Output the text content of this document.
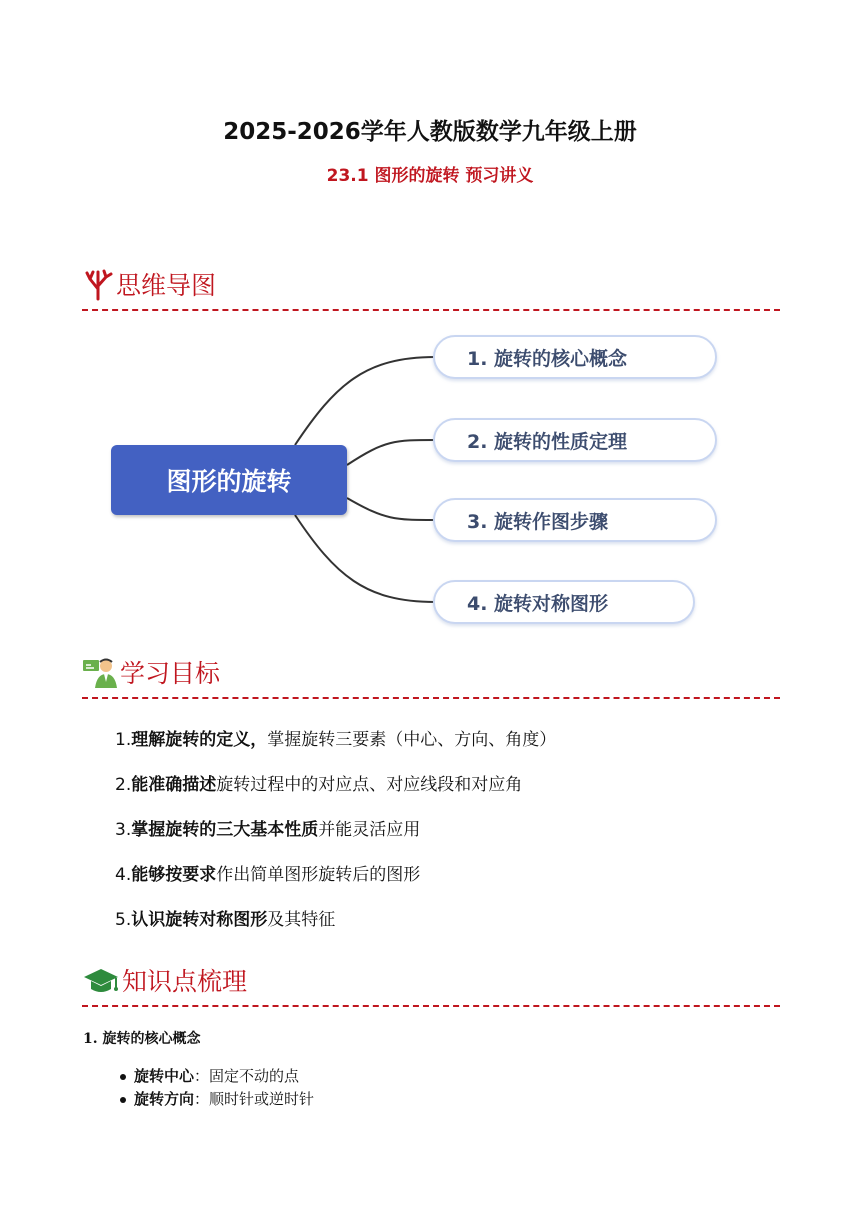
2025-2026学年人教版数学九年级上册
23.1 图形的旋转 预习讲义
思维导图
图形的旋转
1. 旋转的核心概念
2. 旋转的性质定理
3. 旋转作图步骤
4. 旋转对称图形
学习目标
1.理解旋转的定义，掌握旋转三要素（中心、方向、角度）
2.能准确描述旋转过程中的对应点、对应线段和对应角
3.掌握旋转的三大基本性质并能灵活应用
4.能够按要求作出简单图形旋转后的图形
5.认识旋转对称图形及其特征
知识点梳理
1. 旋转的核心概念
旋转中心：固定不动的点
旋转方向：顺时针或逆时针
